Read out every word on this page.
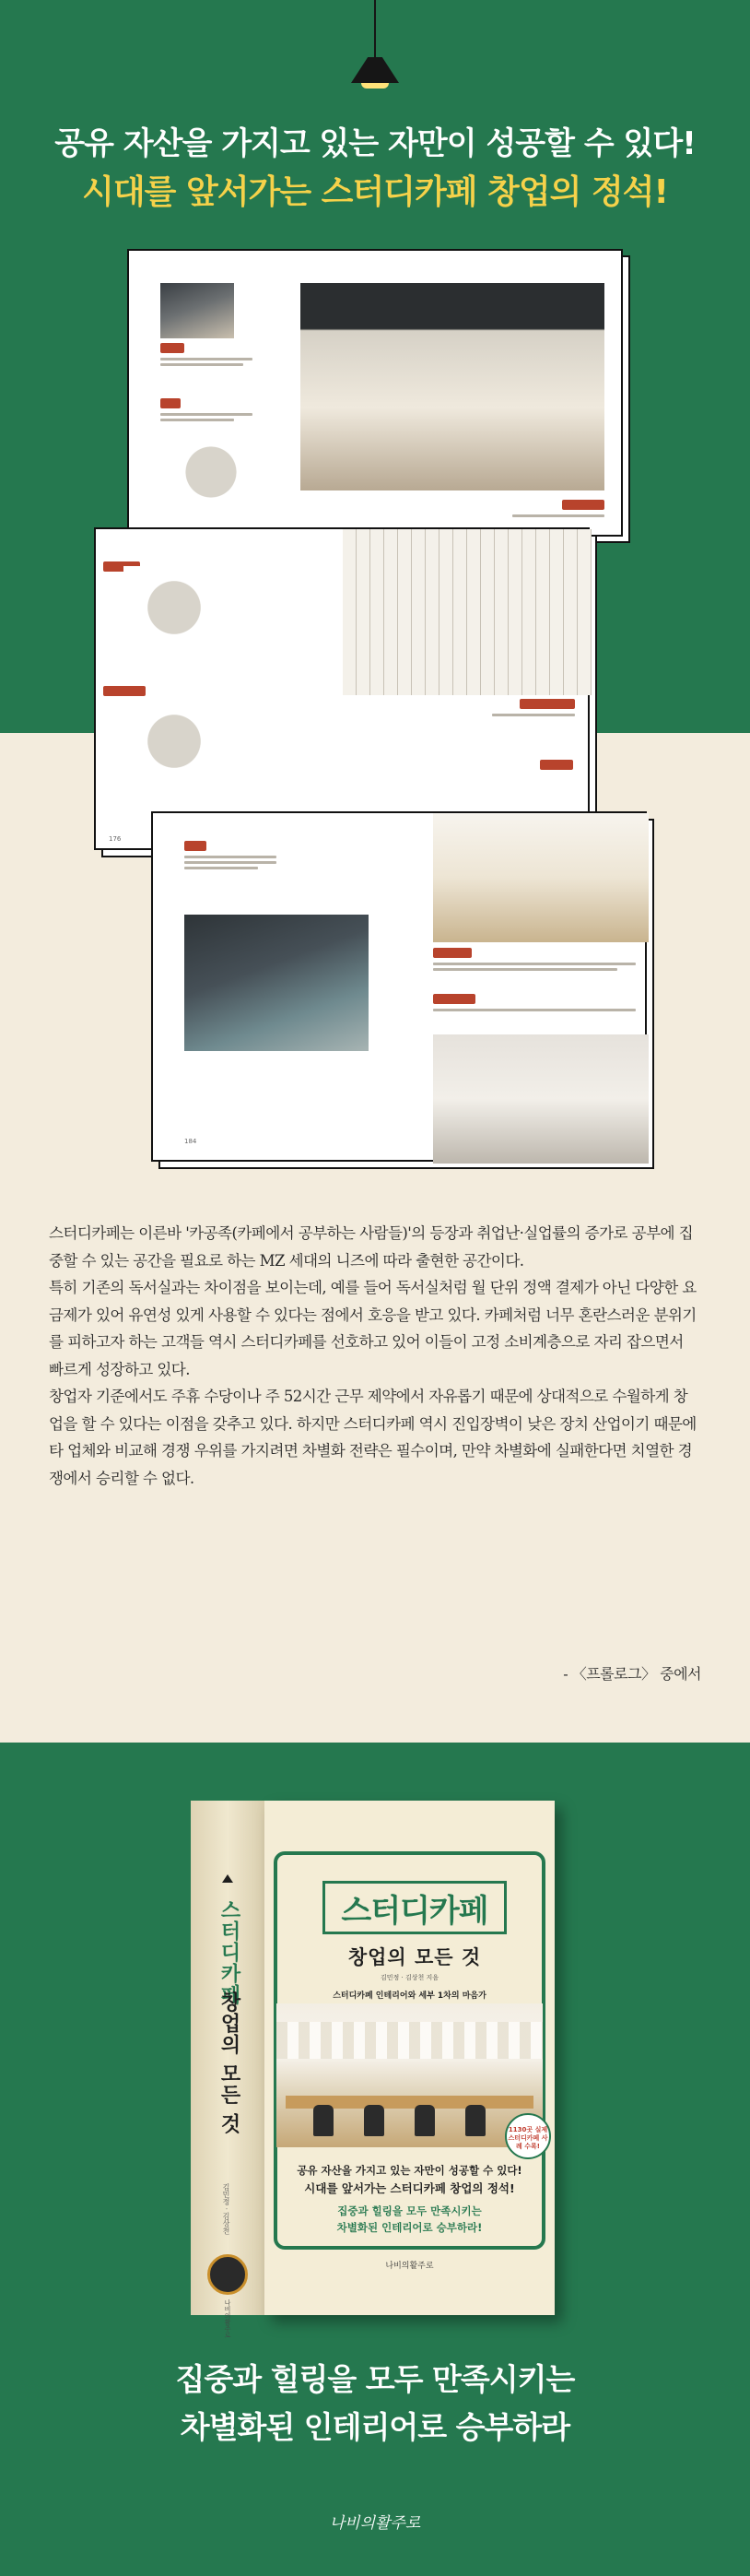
공유 자산을 가지고 있는 자만이 성공할 수 있다!
시대를 앞서가는 스터디카페 창업의 정석!
176
184

스터디카페는 이른바 '카공족(카페에서 공부하는 사람들)'의 등장과 취업난·실업률의 증가로 공부에 집중할 수 있는 공간을 필요로 하는 MZ 세대의 니즈에 따라 출현한 공간이다.

특히 기존의 독서실과는 차이점을 보이는데, 예를 들어 독서실처럼 월 단위 정액 결제가 아닌 다양한 요금제가 있어 유연성 있게 사용할 수 있다는 점에서 호응을 받고 있다. 카페처럼 너무 혼란스러운 분위기를 피하고자 하는 고객들 역시 스터디카페를 선호하고 있어 이들이 고정 소비계층으로 자리 잡으면서 빠르게 성장하고 있다.

창업자 기준에서도 주휴 수당이나 주 52시간 근무 제약에서 자유롭기 때문에 상대적으로 수월하게 창업을 할 수 있다는 이점을 갖추고 있다. 하지만 스터디카페 역시 진입장벽이 낮은 장치 산업이기 때문에 타 업체와 비교해 경쟁 우위를 가지려면 차별화 전략은 필수이며, 만약 차별화에 실패한다면 치열한 경쟁에서 승리할 수 없다.

- 〈프롤로그〉 중에서
스터디카페
창업의 모든 것
김민정 · 김상천
나비의활주로
스터디카페
창업의 모든 것
김민정 · 김상천 지음
스터디카페 인테리어와 세부 1차의 마음가
1130곳 실제 스터디카페 사례 수록!
공유 자산을 가지고 있는 자만이 성공할 수 있다!
시대를 앞서가는 스터디카페 창업의 정석!
집중과 힐링을 모두 만족시키는
차별화된 인테리어로 승부하라!
나비의활주로
집중과 힐링을 모두 만족시키는
차별화된 인테리어로 승부하라
나비의활주로
